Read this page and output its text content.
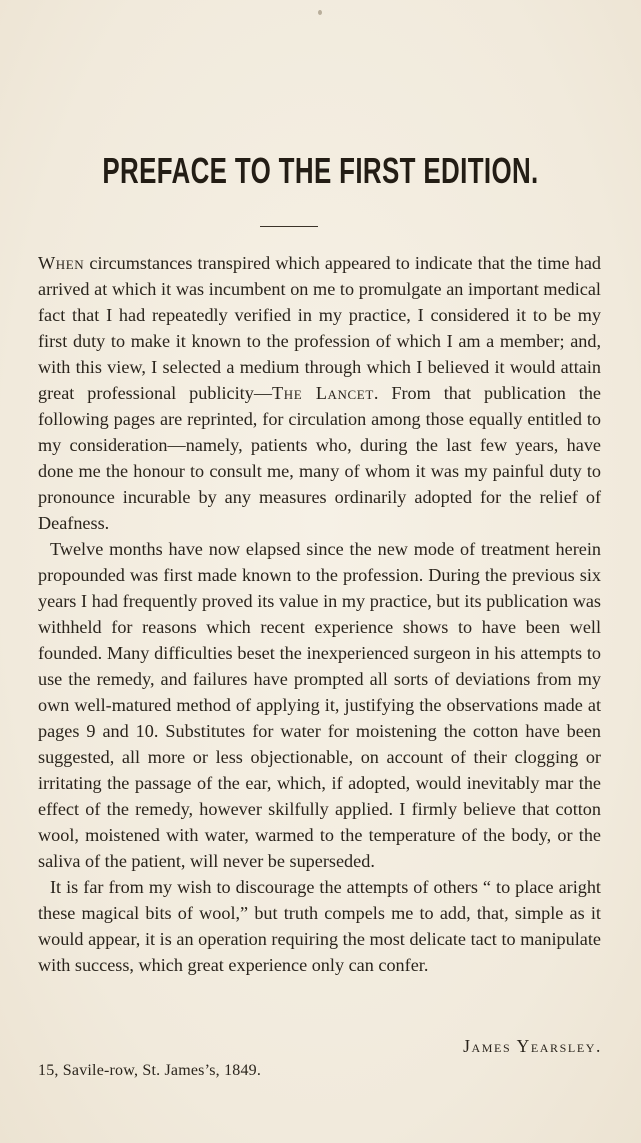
PREFACE TO THE FIRST EDITION.

When circumstances transpired which appeared to indicate that the time had arrived at which it was incumbent on me to promulgate an important medical fact that I had repeatedly verified in my practice, I considered it to be my first duty to make it known to the profession of which I am a member; and, with this view, I selected a medium through which I believed it would attain great professional publicity—The Lancet. From that publication the following pages are reprinted, for circulation among those equally entitled to my consideration—namely, patients who, during the last few years, have done me the honour to consult me, many of whom it was my painful duty to pronounce incurable by any measures ordinarily adopted for the relief of Deafness.

Twelve months have now elapsed since the new mode of treatment herein propounded was first made known to the profession. During the previous six years I had frequently proved its value in my practice, but its publication was withheld for reasons which recent experience shows to have been well founded. Many difficulties beset the inexperienced surgeon in his attempts to use the remedy, and failures have prompted all sorts of deviations from my own well-matured method of applying it, justifying the observations made at pages 9 and 10. Substitutes for water for moistening the cotton have been suggested, all more or less objectionable, on account of their clogging or irritating the passage of the ear, which, if adopted, would inevitably mar the effect of the remedy, however skilfully applied. I firmly believe that cotton wool, moistened with water, warmed to the temperature of the body, or the saliva of the patient, will never be superseded.

It is far from my wish to discourage the attempts of others “ to place aright these magical bits of wool,” but truth compels me to add, that, simple as it would appear, it is an operation requiring the most delicate tact to manipulate with success, which great experience only can confer.

James Yearsley.
15, Savile-row, St. James’s, 1849.
